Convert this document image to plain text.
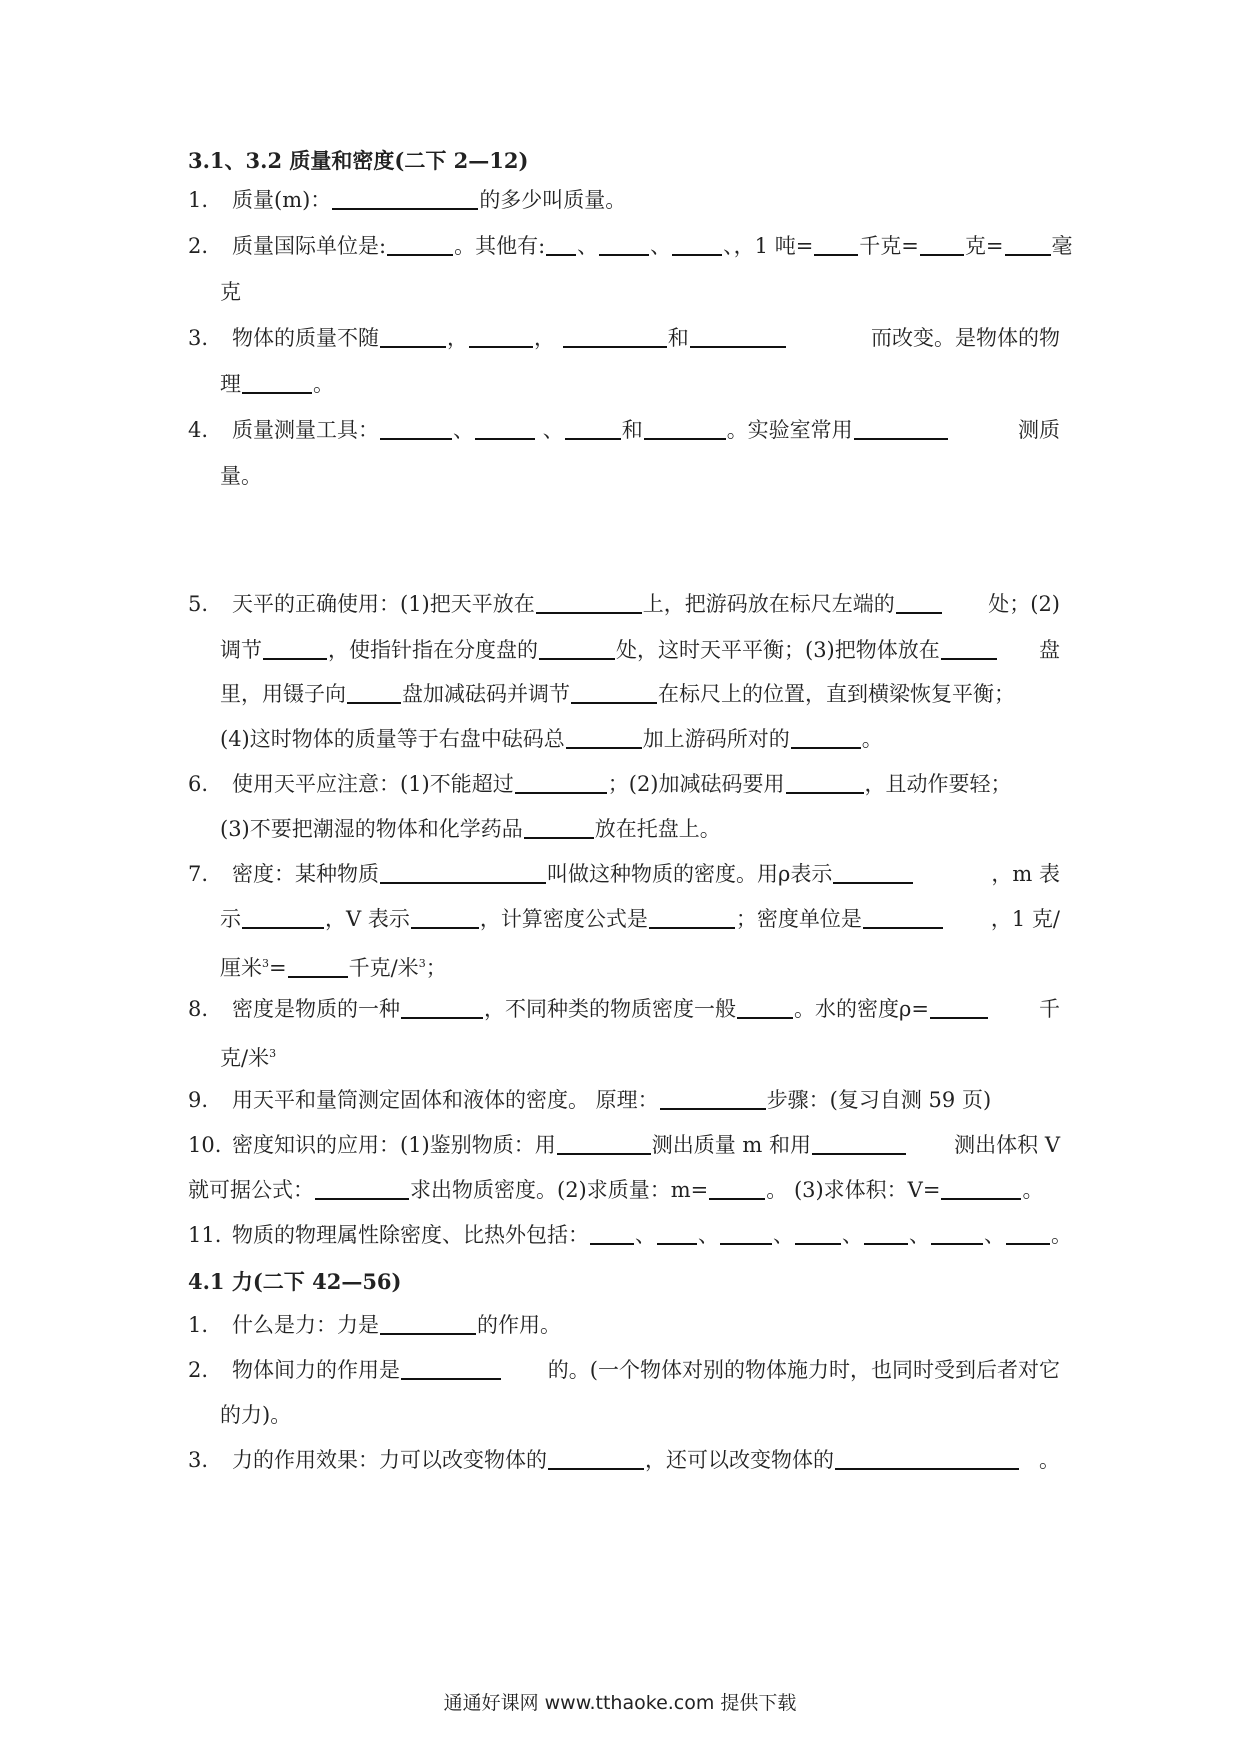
3.1、3.2 质量和密度(二下 2—12)
1. 质量(m)：	的多少叫质量。
2. 质量国际单位是:	。其他有: 、 、 、，1 吨= 千克= 克=	毫
克
3. 物体的质量不随	，	，	和	而改变。是物体的物
理	。
4. 质量测量工具：	、	、	和	。实验室常用	测质
量。
5. 天平的正确使用：(1)把天平放在	上，把游码放在标尺左端的	处；(2)
调节	，使指针指在分度盘的	处，这时天平平衡；(3)把物体放在	盘
里，用镊子向	盘加减砝码并调节	在标尺上的位置，直到横梁恢复平衡；
(4)这时物体的质量等于右盘中砝码总	加上游码所对的	。
6. 使用天平应注意：(1)不能超过	；(2)加减砝码要用	，且动作要轻；
(3)不要把潮湿的物体和化学药品	放在托盘上。
7. 密度：某种物质	叫做这种物质的密度。用ρ表示	，m 表
示	，V 表示	，计算密度公式是	；密度单位是	，1 克/
厘米$^3$=	千克/米$^3$；
8. 密度是物质的一种	，不同种类的物质密度一般	。水的密度ρ=	千
克/米$^3$
9. 用天平和量筒测定固体和液体的密度。 原理：	步骤：(复习自测 59 页)
10. 密度知识的应用：(1)鉴别物质：用	测出质量 m 和用	测出体积 V
就可据公式：	求出物质密度。(2)求质量：m=	。 (3)求体积：V=	。
11. 物质的物理属性除密度、比热外包括： 、 、	、 、 、	、 。
4.1 力(二下 42—56)
1. 什么是力：力是	的作用。
2. 物体间力的作用是	的。(一个物体对别的物体施力时，也同时受到后者对它
的力)。
3. 力的作用效果：力可以改变物体的	，还可以改变物体的	。
通通好课网 www.tthaoke.com 提供下载
